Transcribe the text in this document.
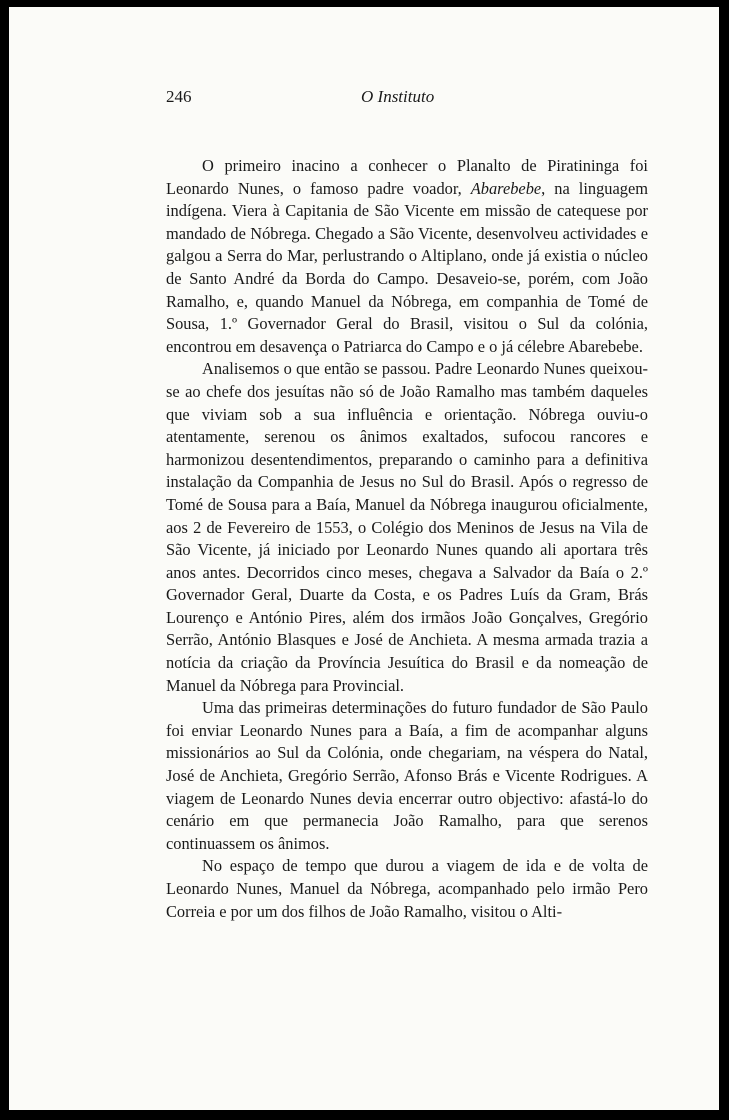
246	O Instituto

O primeiro inacino a conhecer o Planalto de Piratininga foi Leonardo Nunes, o famoso padre voador, Abarebebe, na linguagem indígena. Viera à Capitania de São Vicente em missão de catequese por mandado de Nóbrega. Chegado a São Vicente, desenvolveu actividades e galgou a Serra do Mar, perlustrando o Altiplano, onde já existia o núcleo de Santo André da Borda do Campo. Desaveio-se, porém, com João Ramalho, e, quando Manuel da Nóbrega, em companhia de Tomé de Sousa, 1.º Governador Geral do Brasil, visitou o Sul da colónia, encontrou em desavença o Patriarca do Campo e o já célebre Abarebebe.

Analisemos o que então se passou. Padre Leonardo Nunes queixou-se ao chefe dos jesuítas não só de João Ramalho mas também daqueles que viviam sob a sua influência e orientação. Nóbrega ouviu-o atentamente, serenou os ânimos exaltados, sufocou rancores e harmonizou desentendimentos, preparando o caminho para a definitiva instalação da Companhia de Jesus no Sul do Brasil. Após o regresso de Tomé de Sousa para a Baía, Manuel da Nóbrega inaugurou oficialmente, aos 2 de Fevereiro de 1553, o Colégio dos Meninos de Jesus na Vila de São Vicente, já iniciado por Leonardo Nunes quando ali aportara três anos antes. Decorridos cinco meses, chegava a Salvador da Baía o 2.º Governador Geral, Duarte da Costa, e os Padres Luís da Gram, Brás Lourenço e António Pires, além dos irmãos João Gonçalves, Gregório Serrão, António Blasques e José de Anchieta. A mesma armada trazia a notícia da criação da Província Jesuítica do Brasil e da nomeação de Manuel da Nóbrega para Provincial.

Uma das primeiras determinações do futuro fundador de São Paulo foi enviar Leonardo Nunes para a Baía, a fim de acompanhar alguns missionários ao Sul da Colónia, onde chegariam, na véspera do Natal, José de Anchieta, Gregório Serrão, Afonso Brás e Vicente Rodrigues. A viagem de Leonardo Nunes devia encerrar outro objectivo: afastá-lo do cenário em que permanecia João Ramalho, para que serenos continuassem os ânimos.

No espaço de tempo que durou a viagem de ida e de volta de Leonardo Nunes, Manuel da Nóbrega, acompanhado pelo irmão Pero Correia e por um dos filhos de João Ramalho, visitou o Alti-
